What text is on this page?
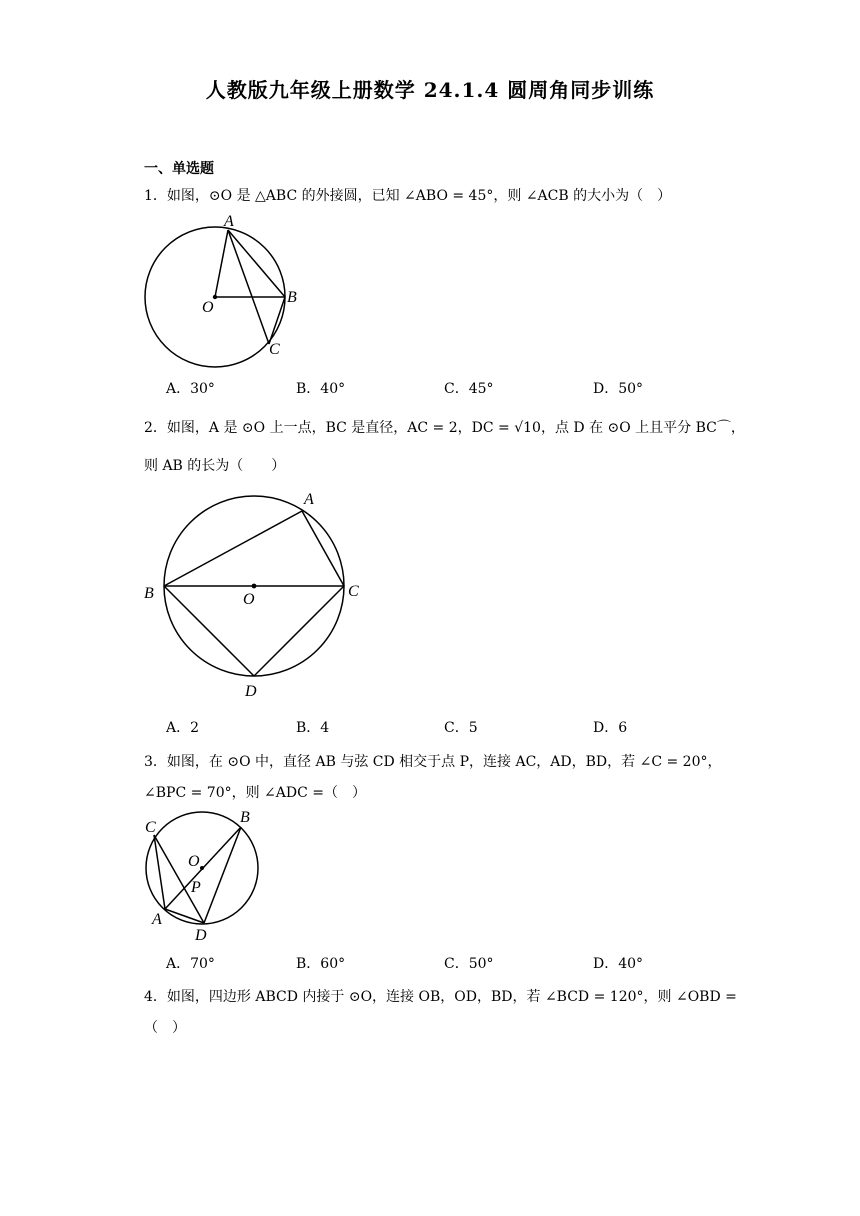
人教版九年级上册数学 24.1.4 圆周角同步训练
一、单选题
1．如图，⊙O 是 △ABC 的外接圆，已知 ∠ABO = 45°，则 ∠ACB 的大小为（　）
A
B
C
O
A．30°	B．40°	C．45°	D．50°
2．如图，A 是 ⊙O 上一点，BC 是直径，AC = 2，DC = √10，点 D 在 ⊙O 上且平分 BC⌒，
则 AB 的长为（　　）
A
B	C
D
O
A．2	B．4	C．5	D．6
3．如图，在 ⊙O 中，直径 AB 与弦 CD 相交于点 P，连接 AC，AD，BD，若 ∠C = 20°，
∠BPC = 70°，则 ∠ADC =（　）
B
C
O
P
A
D
A．70°	B．60°	C．50°	D．40°
4．如图，四边形 ABCD 内接于 ⊙O，连接 OB，OD，BD，若 ∠BCD = 120°，则 ∠OBD =
（　）
